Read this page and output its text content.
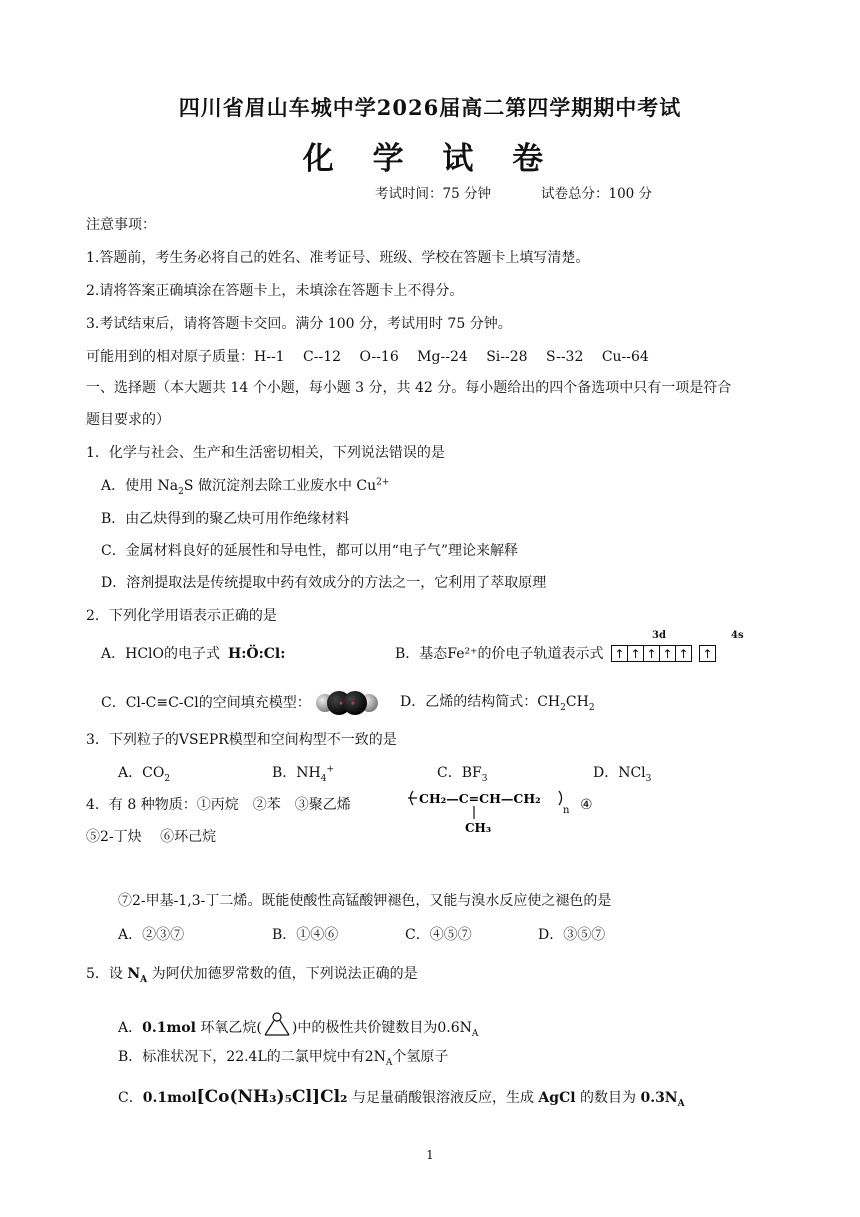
四川省眉山车城中学2026届高二第四学期期中考试
化 学 试 卷
考试时间：75 分钟	试卷总分：100 分
注意事项：
1.答题前，考生务必将自己的姓名、准考证号、班级、学校在答题卡上填写清楚。
2.请将答案正确填涂在答题卡上，未填涂在答题卡上不得分。
3.考试结束后，请将答题卡交回。满分 100 分，考试用时 75 分钟。
可能用到的相对原子质量：H--1　 C--12　 O--16　 Mg--24　 Si--28　 S--32　 Cu--64
一、选择题（本大题共 14 个小题，每小题 3 分，共 42 分。每小题给出的四个备选项中只有一项是符合
题目要求的）
1．化学与社会、生产和生活密切相关，下列说法错误的是
A．使用 $Na_2S$ 做沉淀剂去除工业废水中 $Cu^{2+}$
B．由乙炔得到的聚乙炔可用作绝缘材料
C．金属材料良好的延展性和导电性，都可以用“电子气”理论来解释
D．溶剂提取法是传统提取中药有效成分的方法之一，它利用了萃取原理
2．下列化学用语表示正确的是
A．HClO的电子式 H:Ö:Cl:	B．基态Fe²⁺的价电子轨道表示式
3d	4s
↑ ↑ ↑ ↑ ↑ ↑
C．Cl-C≡C-Cl的空间填充模型：	D．乙烯的结构简式：$CH_2CH_2$
3．下列粒子的VSEPR模型和空间构型不一致的是
A．$CO_2$	B．$NH_4^+$	C．$BF_3$	D．NCl$_3$
4．有 8 种物质：①丙烷　②苯　③聚乙烯	CH₂—C=CH—CH₂
n
CH₃
④
⑤2-丁炔　 ⑥环己烷
⑦2-甲基-1,3-丁二烯。既能使酸性高锰酸钾褪色，又能与溴水反应使之褪色的是
A．②③⑦	B．①④⑥	C．④⑤⑦	D．③⑤⑦
5．设 $N_A$ 为阿伏加德罗常数的值，下列说法正确的是
A．0.1mol 环氧乙烷( )中的极性共价键数目为$0.6N_A$
B．标准状况下，22.4L的二氯甲烷中有$2N_A$个氢原子
C．0.1mol[Co(NH₃)₅Cl]Cl₂ 与足量硝酸银溶液反应，生成 AgCl 的数目为 $0.3N_A$
1
